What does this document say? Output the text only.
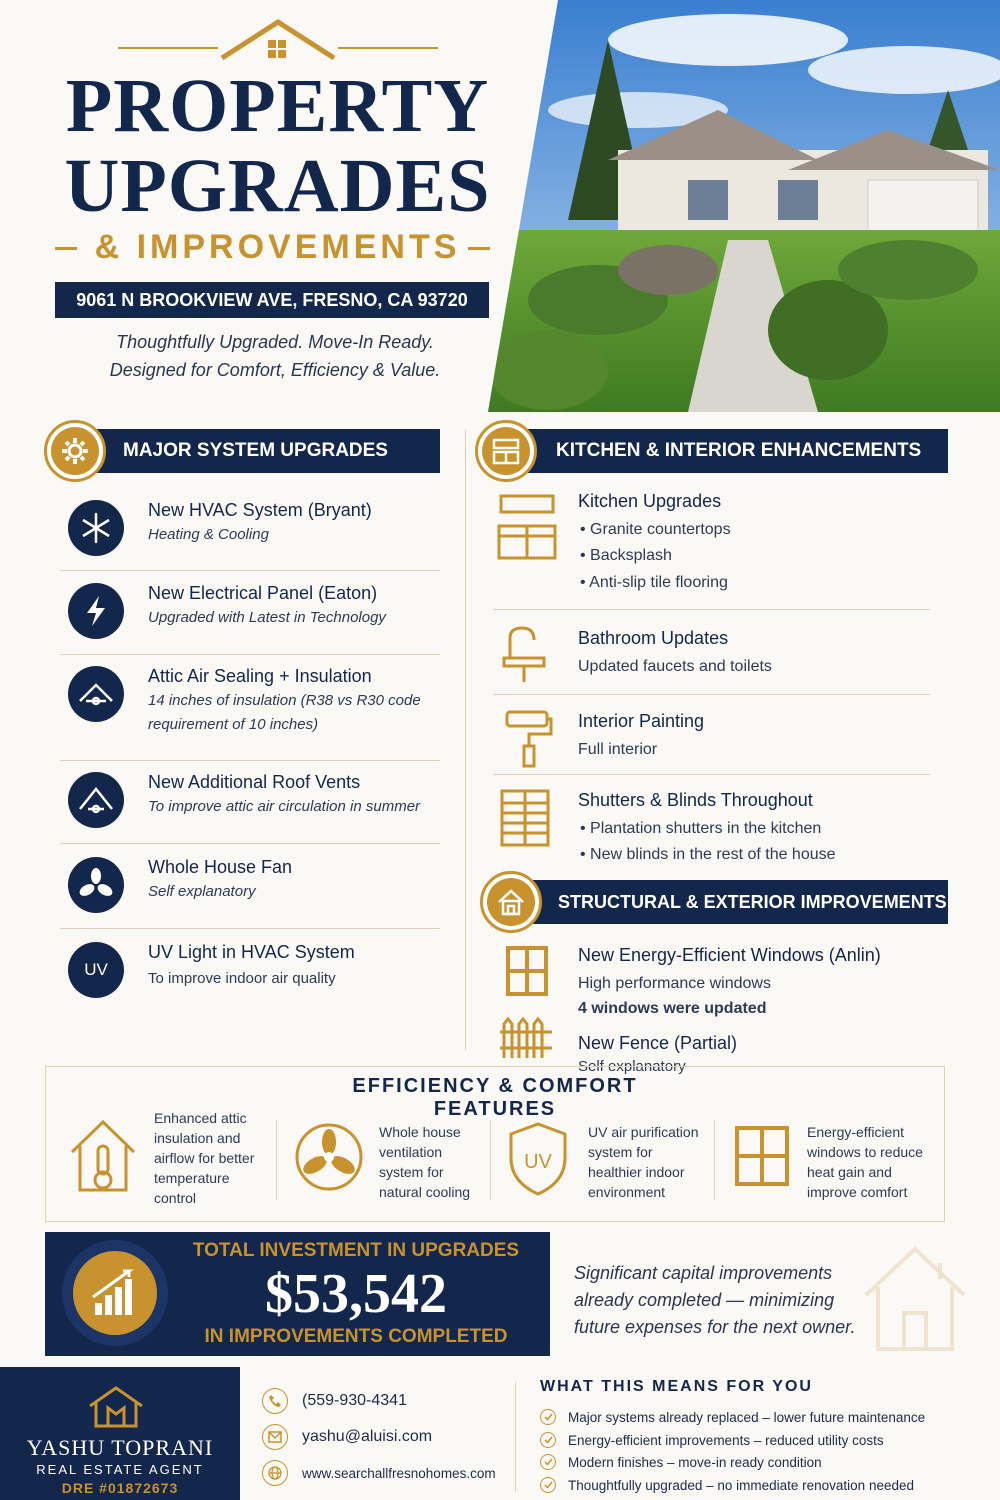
PROPERTY
UPGRADES
& IMPROVEMENTS
9061 N BROOKVIEW AVE, FRESNO, CA 93720
Thoughtfully Upgraded. Move-In Ready.
Designed for Comfort, Efficiency & Value.
MAJOR SYSTEM UPGRADES
New HVAC System (Bryant)
Heating & Cooling
New Electrical Panel (Eaton)
Upgraded with Latest in Technology
Attic Air Sealing + Insulation
14 inches of insulation (R38 vs R30 code requirement of 10 inches)
New Additional Roof Vents
To improve attic air circulation in summer
Whole House Fan
Self explanatory
UV
UV Light in HVAC System
To improve indoor air quality
KITCHEN & INTERIOR ENHANCEMENTS
Kitchen Upgrades
• Granite countertops
• Backsplash
• Anti-slip tile flooring
Bathroom Updates
Updated faucets and toilets
Interior Painting
Full interior
Shutters & Blinds Throughout
• Plantation shutters in the kitchen
• New blinds in the rest of the house
STRUCTURAL & EXTERIOR IMPROVEMENTS
New Energy-Efficient Windows (Anlin)
High performance windows
4 windows were updated
New Fence (Partial)
Self explanatory
EFFICIENCY & COMFORT FEATURES
Enhanced attic insulation and airflow for better temperature control
Whole house ventilation system for natural cooling
UV
UV air purification system for healthier indoor environment
Energy-efficient windows to reduce heat gain and improve comfort
TOTAL INVESTMENT IN UPGRADES
$53,542
IN IMPROVEMENTS COMPLETED
Significant capital improvements
already completed — minimizing
future expenses for the next owner.
YASHU TOPRANI
REAL ESTATE AGENT
DRE #01872673
(559-930-4341
yashu@aluisi.com
www.searchallfresnohomes.com
WHAT THIS MEANS FOR YOU
Major systems already replaced – lower future maintenance
Energy-efficient improvements – reduced utility costs
Modern finishes – move-in ready condition
Thoughtfully upgraded – no immediate renovation needed
